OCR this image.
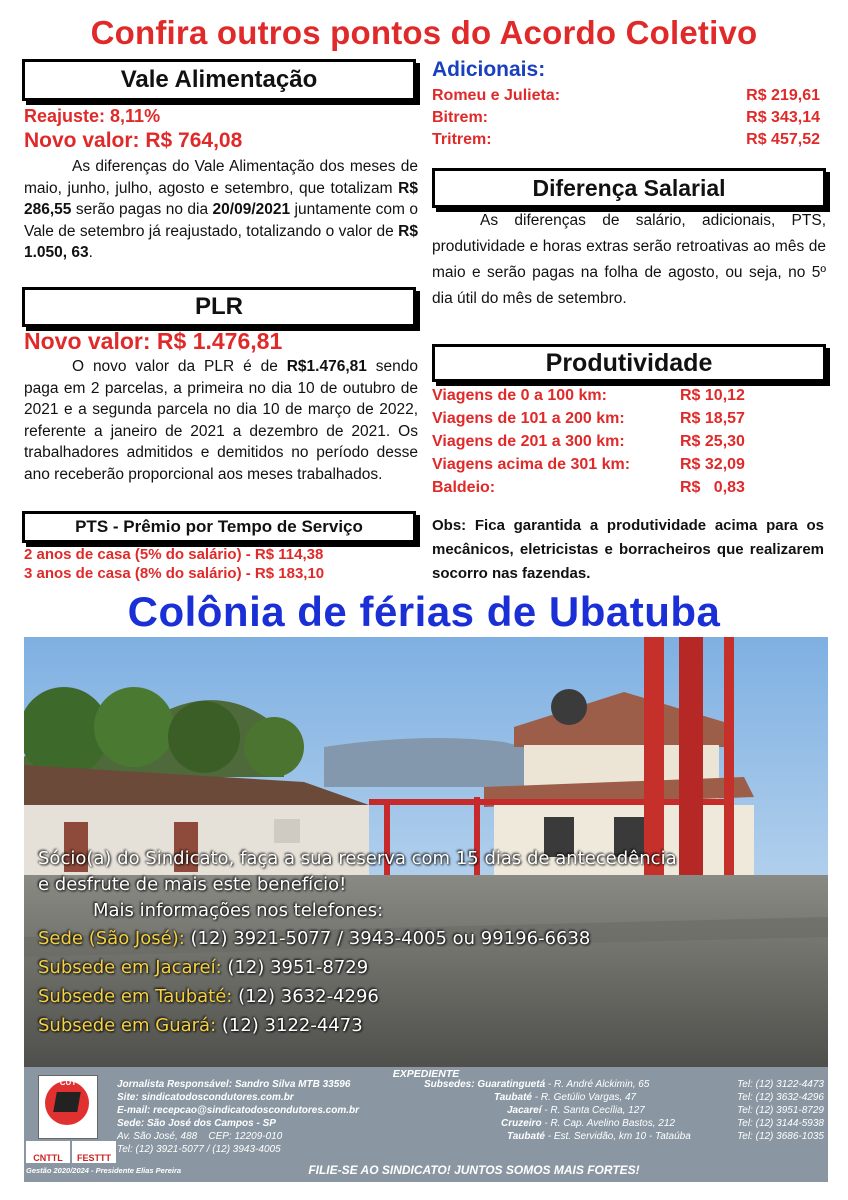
Confira outros pontos do Acordo Coletivo
Vale Alimentação
Reajuste: 8,11%
Novo valor: R$ 764,08
As diferenças do Vale Alimentação dos meses de maio, junho, julho, agosto e setembro, que totalizam R$ 286,55 serão pagas no dia 20/09/2021 juntamente com o Vale de setembro já reajustado, totalizando o valor de R$ 1.050, 63.
PLR
Novo valor: R$ 1.476,81
O novo valor da PLR é de R$1.476,81 sendo paga em 2 parcelas, a primeira no dia 10 de outubro de 2021 e a segunda parcela no dia 10 de março de 2022, referente a janeiro de 2021 a dezembro de 2021. Os trabalhadores admitidos e demitidos no período desse ano receberão proporcional aos meses trabalhados.
PTS - Prêmio por Tempo de Serviço
2 anos de casa (5% do salário) - R$ 114,38
3 anos de casa (8% do salário) - R$ 183,10
Adicionais:
Romeu e Julieta:	R$ 219,61
Bitrem:	R$ 343,14
Tritrem:	R$ 457,52
Diferença Salarial
As diferenças de salário, adicionais, PTS, produtividade e horas extras serão retroativas ao mês de maio e serão pagas na folha de agosto, ou seja, no 5º dia útil do mês de setembro.
Produtividade
Viagens de 0 a 100 km:	R$ 10,12
Viagens de 101 a 200 km:	R$ 18,57
Viagens de 201 a 300 km:	R$ 25,30
Viagens acima de 301 km:	R$ 32,09
Baldeio:	R$   0,83
Obs: Fica garantida a produtividade acima para os mecânicos, eletricistas e borracheiros que realizarem socorro nas fazendas.
Colônia de férias de Ubatuba
Sócio(a) do Sindicato, faça a sua reserva com 15 dias de antecedência
e desfrute de mais este benefício!
Mais informações nos telefones:
Sede (São José): (12) 3921-5077 / 3943-4005 ou 99196-6638
Subsede em Jacareí: (12) 3951-8729
Subsede em Taubaté: (12) 3632-4296
Subsede em Guará: (12) 3122-4473
EXPEDIENTE
CUT
CNTTL	FESTTT
Gestão 2020/2024 - Presidente Elias Pereira
Jornalista Responsável: Sandro Silva MTB 33596
Site: sindicatodoscondutores.com.br
E-mail: recepcao@sindicatodoscondutores.com.br
Sede: São José dos Campos - SP
Av. São José, 488    CEP: 12209-010
Tel: (12) 3921-5077 / (12) 3943-4005
Subsedes: Guaratinguetá - R. André Alckimin, 65	Tel: (12) 3122-4473
Taubaté - R. Getúlio Vargas, 47	Tel: (12) 3632-4296
Jacareí - R. Santa Cecília, 127	Tel: (12) 3951-8729
Cruzeiro - R. Cap. Avelino Bastos, 212	Tel: (12) 3144-5938
Taubaté - Est. Servidão, km 10 - Tataúba	Tel: (12) 3686-1035
FILIE-SE AO SINDICATO! JUNTOS SOMOS MAIS FORTES!
